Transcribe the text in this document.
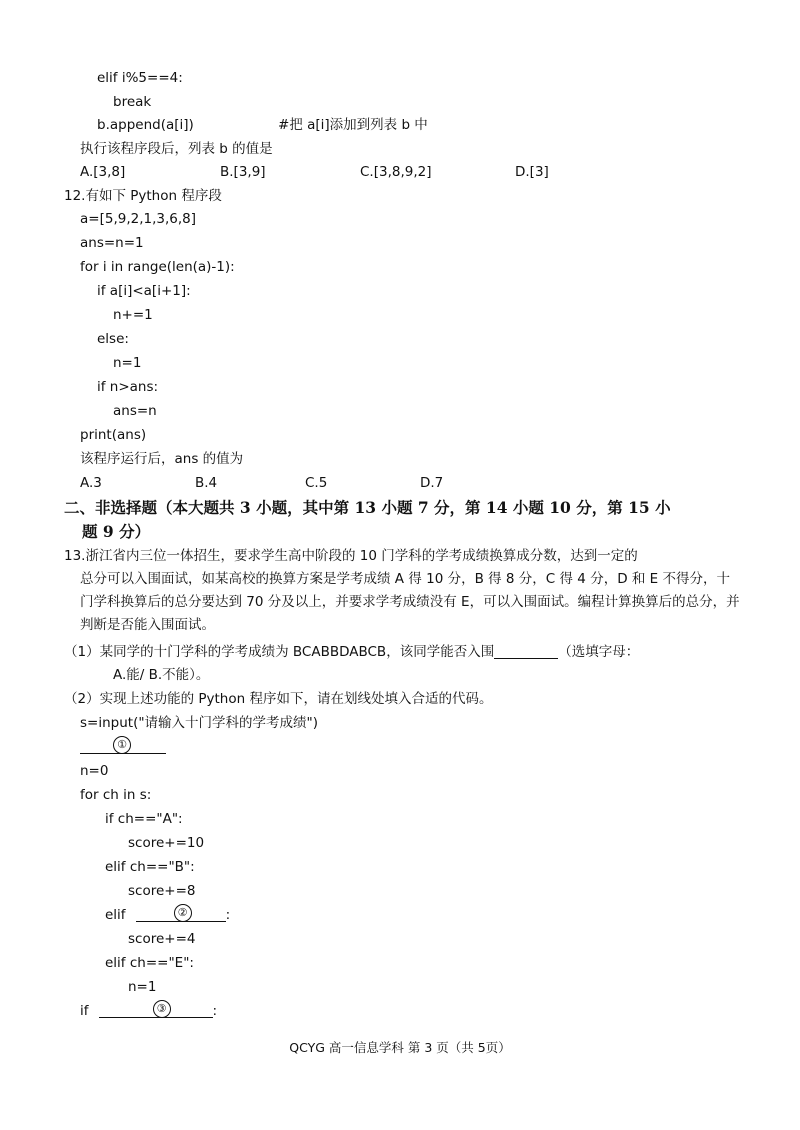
elif i%5==4:
break
b.append(a[i])	#把 a[i]添加到列表 b 中
执行该程序段后，列表 b 的值是
A.[3,8]	B.[3,9]	C.[3,8,9,2]	D.[3]
12.有如下 Python 程序段
a=[5,9,2,1,3,6,8]
ans=n=1
for i in range(len(a)-1):
if a[i]<a[i+1]:
n+=1
else:
n=1
if n>ans:
ans=n
print(ans)
该程序运行后，ans 的值为
A.3	B.4	C.5	D.7
二、非选择题（本大题共 3 小题，其中第 13 小题 7 分，第 14 小题 10 分，第 15 小
题 9 分）
13.浙江省内三位一体招生，要求学生高中阶段的 10 门学科的学考成绩换算成分数，达到一定的
总分可以入围面试，如某高校的换算方案是学考成绩 A 得 10 分，B 得 8 分，C 得 4 分，D 和 E 不得分，十门学科换算后的总分要达到 70 分及以上，并要求学考成绩没有 E，可以入围面试。编程计算换算后的总分，并判断是否能入围面试。
（1）某同学的十门学科的学考成绩为 BCABBDABCB，该同学能否入围	（选填字母：
A.能/ B.不能）。
（2）实现上述功能的 Python 程序如下，请在划线处填入合适的代码。
s=input("请输入十门学科的学考成绩")
①
n=0
for ch in s:
if ch=="A":
score+=10
elif ch=="B":
score+=8
elif	②	:
score+=4
elif ch=="E":
n=1
if	③	:
QCYG 高一信息学科 第 3 页（共 5页）
